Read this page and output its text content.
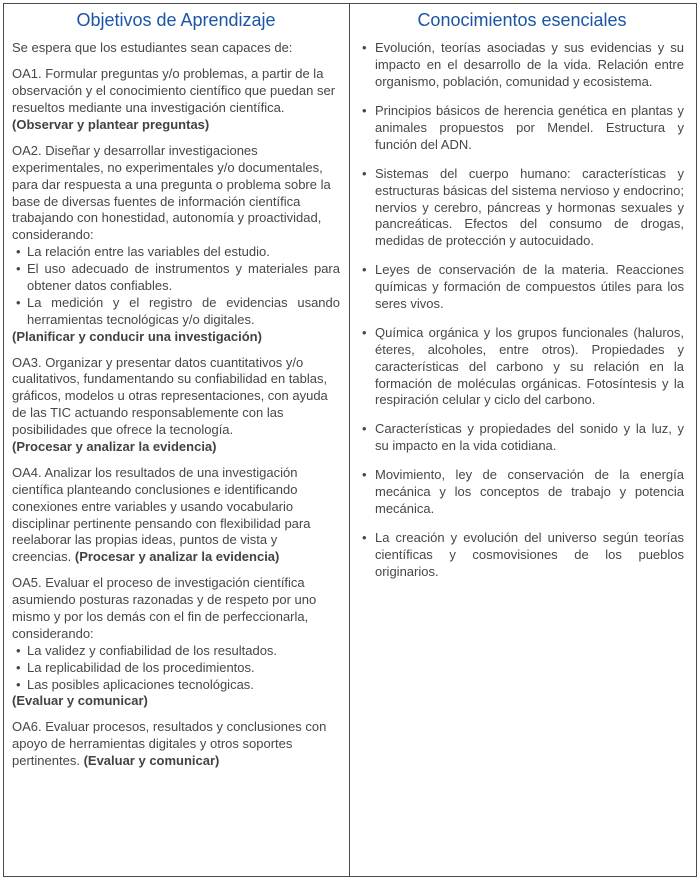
Objetivos de Aprendizaje

Se espera que los estudiantes sean capaces de:

OA1. Formular preguntas y/o problemas, a partir de la observación y el conocimiento científico que puedan ser resueltos mediante una investigación científica. (Observar y plantear preguntas)
OA2. Diseñar y desarrollar investigaciones experimentales, no experimentales y/o documentales, para dar respuesta a una pregunta o problema sobre la base de diversas fuentes de información científica trabajando con honestidad, autonomía y proactividad, considerando:
• La relación entre las variables del estudio.
• El uso adecuado de instrumentos y materiales para obtener datos confiables.
• La medición y el registro de evidencias usando herramientas tecnológicas y/o digitales.

(Planificar y conducir una investigación)

OA3. Organizar y presentar datos cuantitativos y/o cualitativos, fundamentando su confiabilidad en tablas, gráficos, modelos u otras representaciones, con ayuda de las TIC actuando responsablemente con las posibilidades que ofrece la tecnología.

(Procesar y analizar la evidencia)

OA4. Analizar los resultados de una investigación científica planteando conclusiones e identificando conexiones entre variables y usando vocabulario disciplinar pertinente pensando con flexibilidad para reelaborar las propias ideas, puntos de vista y creencias. (Procesar y analizar la evidencia)
OA5. Evaluar el proceso de investigación científica asumiendo posturas razonadas y de respeto por uno mismo y por los demás con el fin de perfeccionarla, considerando:
• La validez y confiabilidad de los resultados.
• La replicabilidad de los procedimientos.
• Las posibles aplicaciones tecnológicas.

(Evaluar y comunicar)

OA6. Evaluar procesos, resultados y conclusiones con apoyo de herramientas digitales y otros soportes pertinentes. (Evaluar y comunicar)
Conocimientos esenciales
• Evolución, teorías asociadas y sus evidencias y su impacto en el desarrollo de la vida. Relación entre organismo, población, comunidad y ecosistema.
• Principios básicos de herencia genética en plantas y animales propuestos por Mendel. Estructura y función del ADN.
• Sistemas del cuerpo humano: características y estructuras básicas del sistema nervioso y endocrino; nervios y cerebro, páncreas y hormonas sexuales y pancreáticas. Efectos del consumo de drogas, medidas de protección y autocuidado.
• Leyes de conservación de la materia. Reacciones químicas y formación de compuestos útiles para los seres vivos.
• Química orgánica y los grupos funcionales (haluros, éteres, alcoholes, entre otros). Propiedades y características del carbono y su relación en la formación de moléculas orgánicas. Fotosíntesis y la respiración celular y ciclo del carbono.
• Características y propiedades del sonido y la luz, y su impacto en la vida cotidiana.
• Movimiento, ley de conservación de la energía mecánica y los conceptos de trabajo y potencia mecánica.
• La creación y evolución del universo según teorías científicas y cosmovisiones de los pueblos originarios.
